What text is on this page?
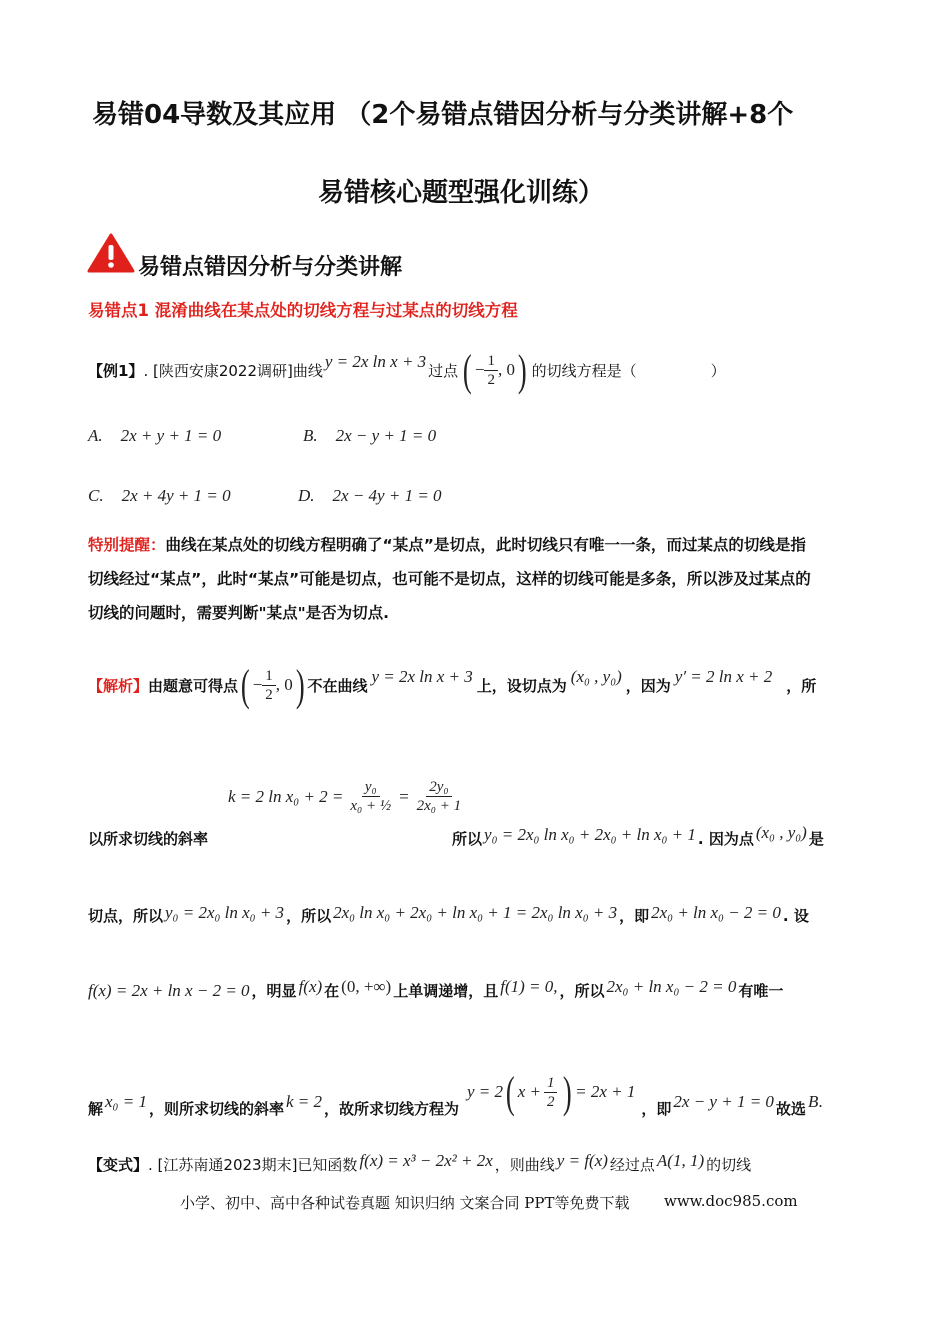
易错04导数及其应用 （2个易错点错因分析与分类讲解+8个
易错核心题型强化训练）
易错点错因分析与分类讲解
易错点1 混淆曲线在某点处的切线方程与过某点的切线方程
【例1】 . [陕西安康2022调研]曲线 y = 2x ln x + 3 过点 ( − $\frac{1}{2}$ , 0 ) 的切线方程是（	）
A. 2x + y + 1 = 0	B. 2x − y + 1 = 0
C. 2x + 4y + 1 = 0	D. 2x − 4y + 1 = 0
特别提醒：曲线在某点处的切线方程明确了“某点”是切点，此时切线只有唯一一条，而过某点的切线是指
切线经过“某点”，此时“某点”可能是切点，也可能不是切点，这样的切线可能是多条，所以涉及过某点的
切线的问题时，需要判断"某点"是否为切点.
【解析】 由题意可得点 ( − $\frac{1}{2}$ , 0 ) 不在曲线 y = 2x ln x + 3 上，设切点为 (x₀ , y₀) ，因为 y′ = 2 ln x + 2 ，所
k = 2 $\ln x_0 + 2 = \frac{\text{y₀}}{\text{x₀ + ½}} = \frac{\text{2y₀}}{\text{2x₀ + 1}}$
以所求切线的斜率	所以 y₀ = 2x₀ ln x₀ + 2x₀ + ln x₀ + 1 . 因为点 (x₀ , y₀) 是
切点，所以 y₀ = 2x₀ ln x₀ + 3 ，所以 2x₀ ln x₀ + 2x₀ + ln x₀ + 1 = 2x₀ ln x₀ + 3 ，即 2x₀ + ln x₀ − 2 = 0 . 设
f(x) = 2x + ln x − 2 = 0 ，明显 f(x) 在 (0, +∞) 上单调递增，且 f(1) = 0, ，所以 2x₀ + ln x₀ − 2 = 0 有唯一
解 x₀ = 1 ，则所求切线的斜率 k = 2 ，故所求切线方程为
y = 2 ( $x + \frac{1}{2}$ ) = 2x + 1
，即 2x − y + 1 = 0 故选 B .
【变式】 . [江苏南通2023期末]已知函数 f(x) = x³ − 2x² + 2x ，则曲线 y = f(x) 经过点 A(1, 1) 的切线
小学、初中、高中各种试卷真题 知识归纳 文案合同 PPT等免费下载 www.doc985.com
